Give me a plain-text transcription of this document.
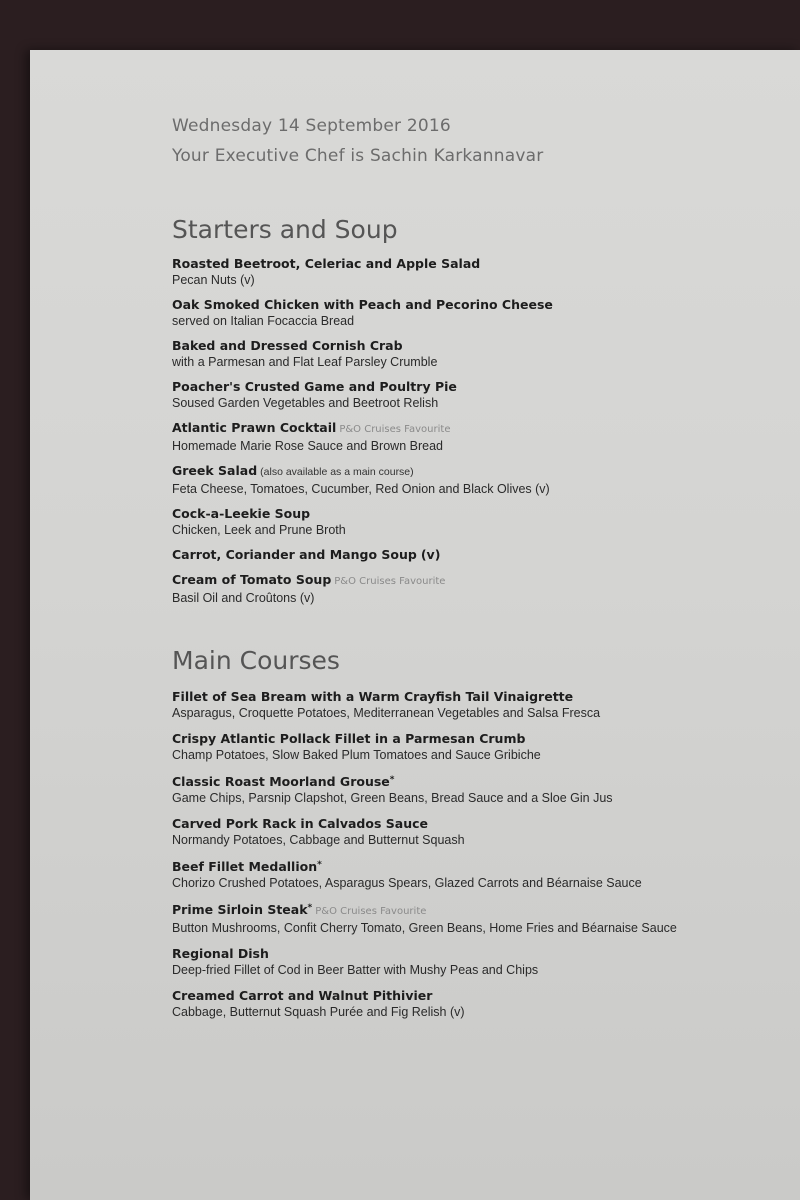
Wednesday 14 September 2016
Your Executive Chef is Sachin Karkannavar
Starters and Soup
Roasted Beetroot, Celeriac and Apple Salad
Pecan Nuts (v)
Oak Smoked Chicken with Peach and Pecorino Cheese
served on Italian Focaccia Bread
Baked and Dressed Cornish Crab
with a Parmesan and Flat Leaf Parsley Crumble
Poacher's Crusted Game and Poultry Pie
Soused Garden Vegetables and Beetroot Relish
Atlantic Prawn Cocktail P&O Cruises Favourite
Homemade Marie Rose Sauce and Brown Bread
Greek Salad (also available as a main course)
Feta Cheese, Tomatoes, Cucumber, Red Onion and Black Olives (v)
Cock-a-Leekie Soup
Chicken, Leek and Prune Broth
Carrot, Coriander and Mango Soup (v)
Cream of Tomato Soup P&O Cruises Favourite
Basil Oil and Croûtons (v)
Main Courses
Fillet of Sea Bream with a Warm Crayfish Tail Vinaigrette
Asparagus, Croquette Potatoes, Mediterranean Vegetables and Salsa Fresca
Crispy Atlantic Pollack Fillet in a Parmesan Crumb
Champ Potatoes, Slow Baked Plum Tomatoes and Sauce Gribiche
Classic Roast Moorland Grouse*
Game Chips, Parsnip Clapshot, Green Beans, Bread Sauce and a Sloe Gin Jus
Carved Pork Rack in Calvados Sauce
Normandy Potatoes, Cabbage and Butternut Squash
Beef Fillet Medallion*
Chorizo Crushed Potatoes, Asparagus Spears, Glazed Carrots and Béarnaise Sauce
Prime Sirloin Steak* P&O Cruises Favourite
Button Mushrooms, Confit Cherry Tomato, Green Beans, Home Fries and Béarnaise Sauce
Regional Dish
Deep-fried Fillet of Cod in Beer Batter with Mushy Peas and Chips
Creamed Carrot and Walnut Pithivier
Cabbage, Butternut Squash Purée and Fig Relish (v)
